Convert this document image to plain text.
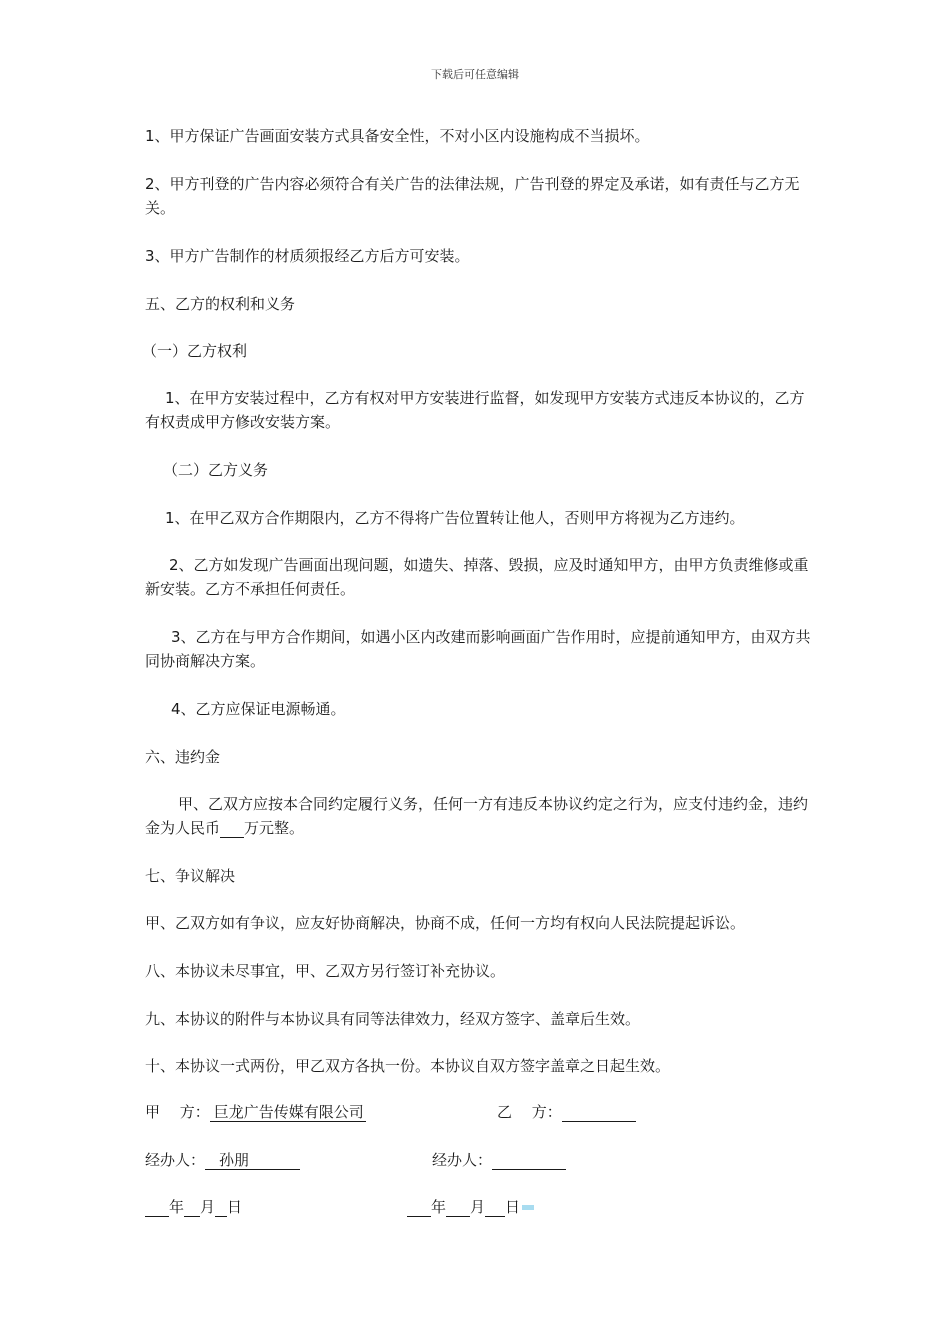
下载后可任意编辑
1、甲方保证广告画面安装方式具备安全性，不对小区内设施构成不当损坏。
2、甲方刊登的广告内容必须符合有关广告的法律法规，广告刊登的界定及承诺，如有责任与乙方无关。
3、甲方广告制作的材质须报经乙方后方可安装。
五、乙方的权利和义务
（一）乙方权利
1、在甲方安装过程中，乙方有权对甲方安装进行监督，如发现甲方安装方式违反本协议的，乙方有权责成甲方修改安装方案。
（二）乙方义务
1、在甲乙双方合作期限内，乙方不得将广告位置转让他人，否则甲方将视为乙方违约。
2、乙方如发现广告画面出现问题，如遗失、掉落、毁损，应及时通知甲方，由甲方负责维修或重新安装。乙方不承担任何责任。
3、乙方在与甲方合作期间，如遇小区内改建而影响画面广告作用时，应提前通知甲方，由双方共同协商解决方案。
4、乙方应保证电源畅通。
六、违约金
甲、乙双方应按本合同约定履行义务，任何一方有违反本协议约定之行为，应支付违约金，违约金为人民币 万元整。
七、争议解决
甲、乙双方如有争议，应友好协商解决，协商不成，任何一方均有权向人民法院提起诉讼。
八、本协议未尽事宜，甲、乙双方另行签订补充协议。
九、本协议的附件与本协议具有同等法律效力，经双方签字、盖章后生效。
十、本协议一式两份，甲乙双方各执一份。本协议自双方签字盖章之日起生效。
甲　 方： 巨龙广告传媒有限公司	乙　 方：
经办人： 孙朋	经办人：
年 月 日	年 月 日
